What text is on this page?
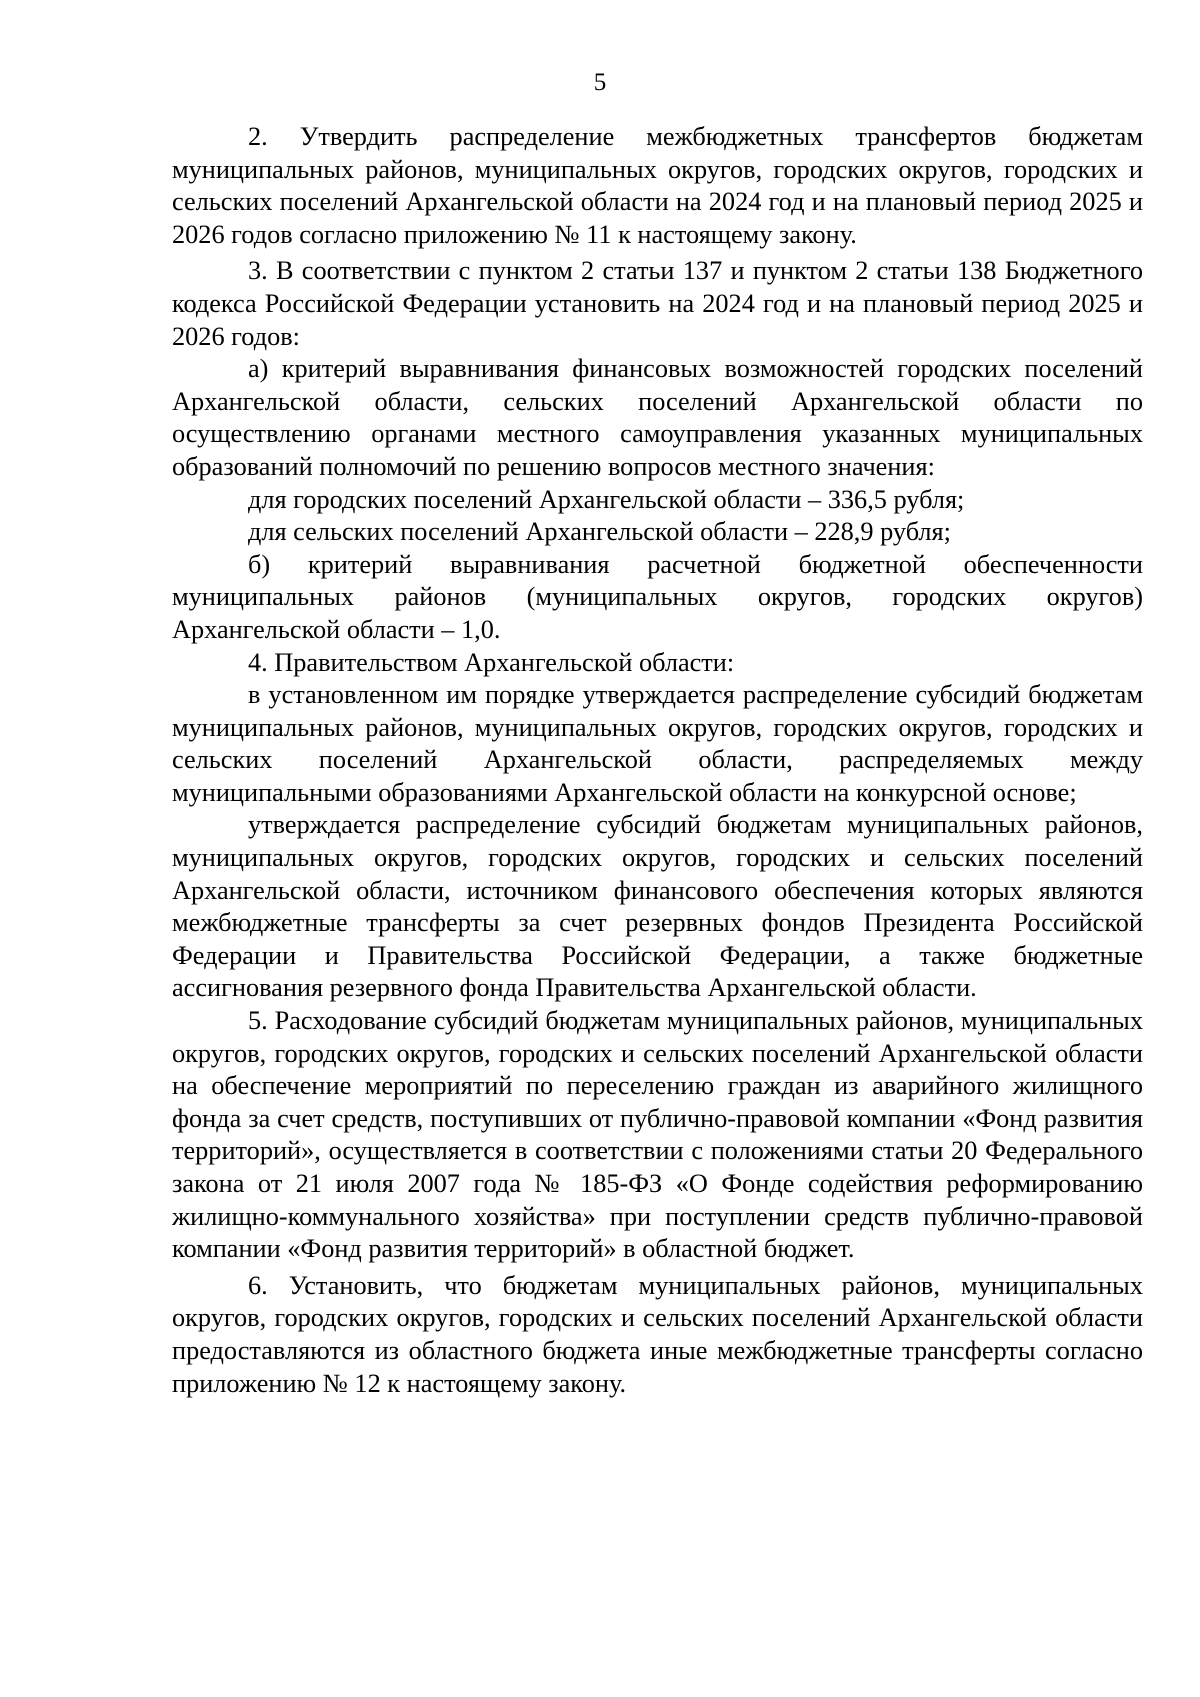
5

2. Утвердить распределение межбюджетных трансфертов бюджетам муниципальных районов, муниципальных округов, городских округов, городских и сельских поселений Архангельской области на 2024 год и на плановый период 2025 и 2026 годов согласно приложению № 11 к настоящему закону.

3. В соответствии с пунктом 2 статьи 137 и пунктом 2 статьи 138 Бюджетного кодекса Российской Федерации установить на 2024 год и на плановый период 2025 и 2026 годов:

а) критерий выравнивания финансовых возможностей городских поселений Архангельской области, сельских поселений Архангельской области по осуществлению органами местного самоуправления указанных муниципальных образований полномочий по решению вопросов местного значения:

для городских поселений Архангельской области – 336,5 рубля;

для сельских поселений Архангельской области – 228,9 рубля;

б) критерий выравнивания расчетной бюджетной обеспеченности муниципальных районов (муниципальных округов, городских округов) Архангельской области – 1,0.

4. Правительством Архангельской области:

в установленном им порядке утверждается распределение субсидий бюджетам муниципальных районов, муниципальных округов, городских округов, городских и сельских поселений Архангельской области, распределяемых между муниципальными образованиями Архангельской области на конкурсной основе;

утверждается распределение субсидий бюджетам муниципальных районов, муниципальных округов, городских округов, городских и сельских поселений Архангельской области, источником финансового обеспечения которых являются межбюджетные трансферты за счет резервных фондов Президента Российской Федерации и Правительства Российской Федерации, а также бюджетные ассигнования резервного фонда Правительства Архангельской области.

5. Расходование субсидий бюджетам муниципальных районов, муниципальных округов, городских округов, городских и сельских поселений Архангельской области на обеспечение мероприятий по переселению граждан из аварийного жилищного фонда за счет средств, поступивших от публично-правовой компании «Фонд развития территорий», осуществляется в соответствии с положениями статьи 20 Федерального закона от 21 июля 2007 года № 185-ФЗ «О Фонде содействия реформированию жилищно-коммунального хозяйства» при поступлении средств публично-правовой компании «Фонд развития территорий» в областной бюджет.

6. Установить, что бюджетам муниципальных районов, муниципальных округов, городских округов, городских и сельских поселений Архангельской области предоставляются из областного бюджета иные межбюджетные трансферты согласно приложению № 12 к настоящему закону.
